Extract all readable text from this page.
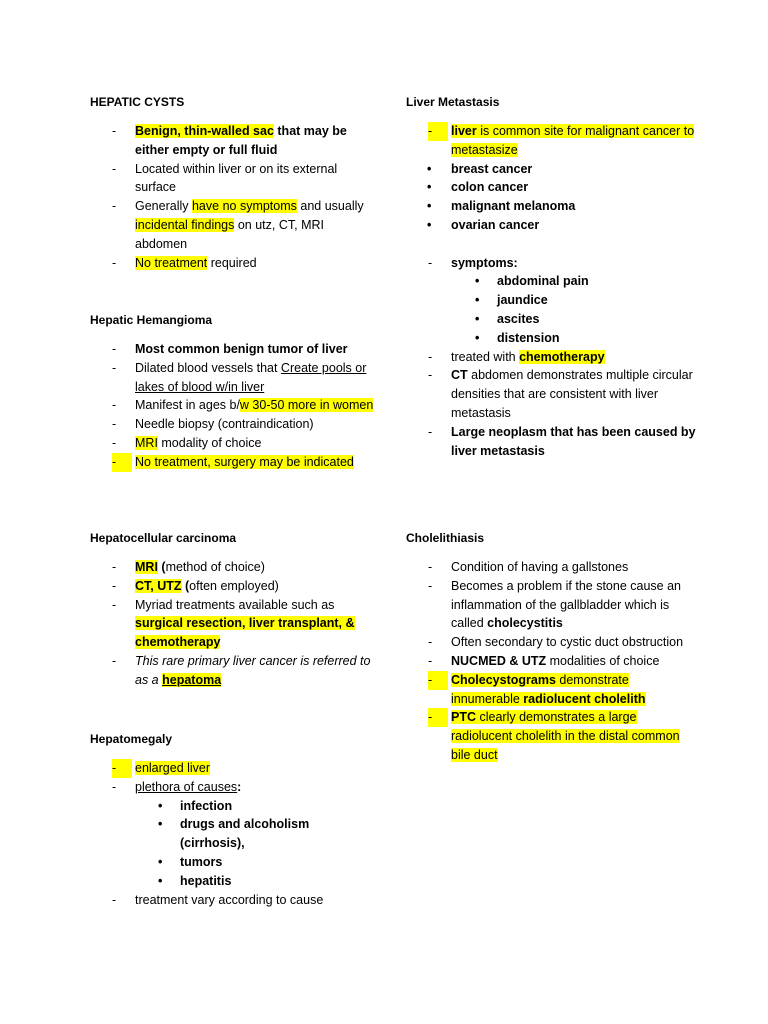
HEPATIC CYSTS

- Benign, thin-walled sac that may be either empty or full fluid
- Located within liver or on its external surface
- Generally have no symptoms and usually incidental findings on utz, CT, MRI abdomen
- No treatment required

Hepatic Hemangioma

- Most common benign tumor of liver
- Dilated blood vessels that Create pools or lakes of blood w/in liver
- Manifest in ages b/w 30-50 more in women
- Needle biopsy (contraindication)
- MRI modality of choice
-	No treatment, surgery may be indicated

Hepatocellular carcinoma

- MRI (method of choice)
- CT, UTZ (often employed)
- Myriad treatments available such as surgical resection, liver transplant, & chemotherapy
- This rare primary liver cancer is referred to as a hepatoma

Hepatomegaly

-	enlarged liver
- plethora of causes:
• infection
• drugs and alcoholism (cirrhosis),
• tumors
• hepatitis
- treatment vary according to cause

Liver Metastasis

-	liver is common site for malignant cancer to metastasize
• breast cancer
• colon cancer
• malignant melanoma
• ovarian cancer
- symptoms:
• abdominal pain
• jaundice
• ascites
• distension
- treated with chemotherapy
- CT abdomen demonstrates multiple circular densities that are consistent with liver metastasis
- Large neoplasm that has been caused by liver metastasis

Cholelithiasis

- Condition of having a gallstones
- Becomes a problem if the stone cause an inflammation of the gallbladder which is called cholecystitis
- Often secondary to cystic duct obstruction
- NUCMED & UTZ modalities of choice
-	Cholecystograms demonstrate innumerable radiolucent cholelith
-	PTC clearly demonstrates a large radiolucent cholelith in the distal common bile duct
